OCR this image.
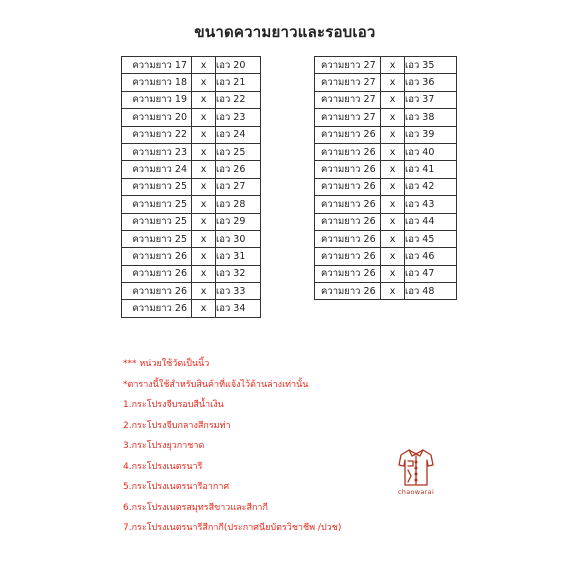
ขนาดความยาวและรอบเอว
ความยาว 17	x	เอว 20
ความยาว 18	x	เอว 21
ความยาว 19	x	เอว 22
ความยาว 20	x	เอว 23
ความยาว 22	x	เอว 24
ความยาว 23	x	เอว 25
ความยาว 24	x	เอว 26
ความยาว 25	x	เอว 27
ความยาว 25	x	เอว 28
ความยาว 25	x	เอว 29
ความยาว 25	x	เอว 30
ความยาว 26	x	เอว 31
ความยาว 26	x	เอว 32
ความยาว 26	x	เอว 33
ความยาว 26	x	เอว 34
ความยาว 27	x	เอว 35
ความยาว 27	x	เอว 36
ความยาว 27	x	เอว 37
ความยาว 27	x	เอว 38
ความยาว 26	x	เอว 39
ความยาว 26	x	เอว 40
ความยาว 26	x	เอว 41
ความยาว 26	x	เอว 42
ความยาว 26	x	เอว 43
ความยาว 26	x	เอว 44
ความยาว 26	x	เอว 45
ความยาว 26	x	เอว 46
ความยาว 26	x	เอว 47
ความยาว 26	x	เอว 48
*** หน่วยใช้วัดเป็นนิ้ว
*ตารางนี้ใช้สำหรับสินค้าที่แจ้งไว้ด้านล่างเท่านั้น
1.กระโปรงจีบรอบสีน้ำเงิน
2.กระโปรงจีบกลางสีกรมท่า
3.กระโปรงยุวกาชาด
4.กระโปรงเนตรนารี
5.กระโปรงเนตรนารีอากาศ
6.กระโปรงเนตรสมุทรสีขาวและสีกากี
7.กระโปรงเนตรนารีสีกากี(ประกาศนียบัตรวิชาชีพ /ปวช)
chaowarai
